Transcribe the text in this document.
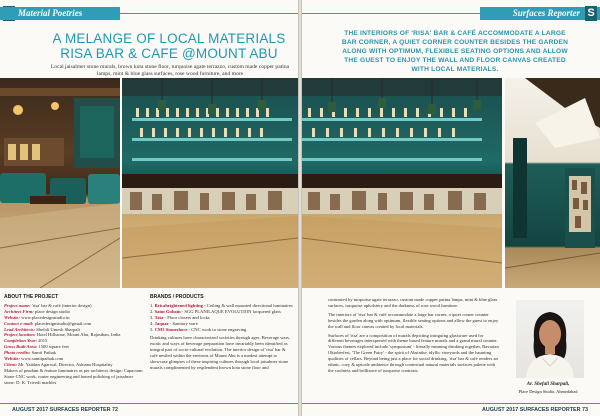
Material Poetries
A MELANGE OF LOCAL MATERIALS
RISA BAR & CAFE @MOUNT ABU
Local jaisalmer stone murals, brown kota stone floor, turquoise agate terrazzo, custom made copper patina lamps, mint & blue glass surfaces, rose wood furniture, and more
ABOUT THE PROJECT
Project name: 'risa' bar & café (interior design)
Architect Firm: place design studio
Website: www.placedesignstudio.in
Contact e-mail: placedesignstudio@gmail.com
Lead Architects: Shefali Umesh Sharpali
Project location: Hotel Hillstone, Mount Abu, Rajasthan, India
Completion Year: 2015
Gross Built Area: 1500 square feet
Photo credits: Samit Pathak
Website: www.samitpathak.com
Client: Mr. Yatidan Agarwal, Director, Ashiana Hospitality
Makers of pendant & feature luminaires as per architects design: Capacium Stone CNC work, router engineering and honed polishing of jaisalmer stone: D. K. Trivedi marbles
BRANDS / PRODUCTS
1. Bricabrightened lighting - Ceiling & wall mounted directional luminaires
2. Saint Gobain - SGG PLANILAQUE EVOLUTION lacquered glass
3. Tata - Floor closers and locks
4. Jaquar - Sanitary ware
5. CM3 Stoneshoce - CNC work to stone engraving
Drinking cultures have characterized societies through ages. Beverage wars, exotic and ways of beverage preparation have invariably been identified as integral part of socio-cultural evolution. The interior design of 'risa' bar & café nestled within the environs of Mount Abu is a modest attempt to showcase glimpses of these inspiring cultures through local jaisalmer stone murals complimented by resplendent brown kota stone floor and
AUGUST 2017 SURFACES REPORTER 72
Surfaces Reporter S
THE INTERIORS OF 'RISA' BAR & CAFÉ ACCOMMODATE A LARGE BAR CORNER, A QUIET CORNER COUNTER BESIDES THE GARDEN ALONG WITH OPTIMUM, FLEXIBLE SEATING OPTIONS AND ALLOW THE GUEST TO ENJOY THE WALL AND FLOOR CANVAS CREATED WITH LOCAL MATERIALS.
contrasted by turquoise agate terrazzo, custom made copper patina lamps, mint & blue glass surfaces, turquoise upholstery and the darkness of rose wood furniture.
The interiors of 'risa' bar & café accommodate a large bar corner, a quiet corner counter besides the garden along with optimum, flexible seating options and allow the guest to enjoy the wall and floor canvas created by local materials.
Surfaces of 'risa' are a composition of murals depicting intriguing glassware used for different beverages interspersed with theme based feature murals and a grand mural counter. Various themes explored include 'symposium' - literally meaning drinking together, Bavarian Oktoberfest, 'The Green Fairy' - the spirit of Absinthe, idyllic vineyards and the haunting qualities of cellars. Beyond being just a place for social drinking, 'risa' bar & café renders an ethnic, cozy & upscale ambience through contextual natural materials surfaces palette with the coolness and brilliance of turquoise contrasts.
Ar. Shefali Sharpali,
Place Design Studio, Ahmedabad
AUGUST 2017 SURFACES REPORTER 73
